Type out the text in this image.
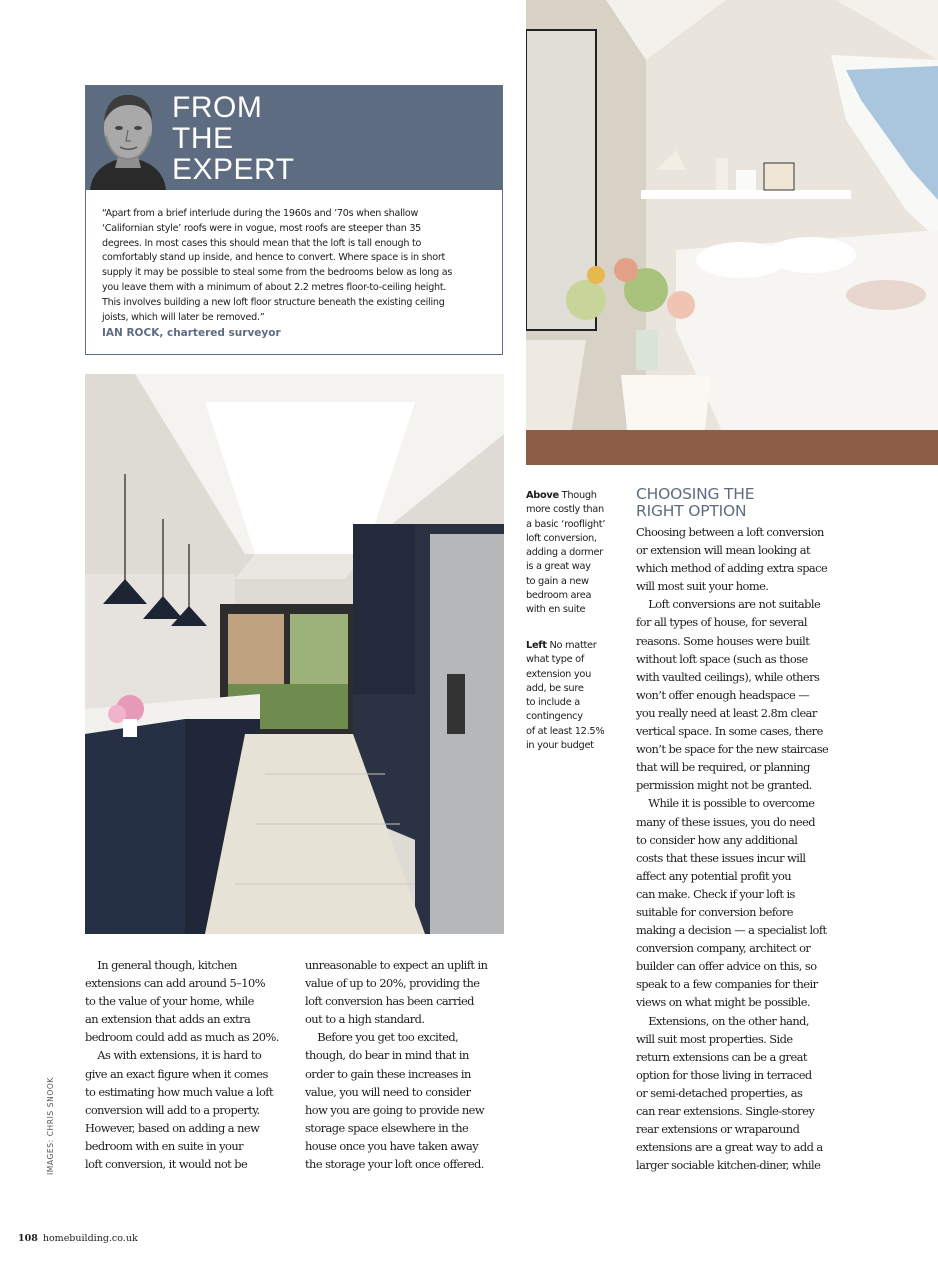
FROM
THE
EXPERT
“Apart from a brief interlude during the 1960s and ’70s when shallow
‘Californian style’ roofs were in vogue, most roofs are steeper than 35
degrees. In most cases this should mean that the loft is tall enough to
comfortably stand up inside, and hence to convert. Where space is in short
supply it may be possible to steal some from the bedrooms below as long as
you leave them with a minimum of about 2.2 metres floor-to-ceiling height.
This involves building a new loft floor structure beneath the existing ceiling
joists, which will later be removed.”
IAN ROCK, chartered surveyor
Above Though
more costly than
a basic ‘rooflight’
loft conversion,
adding a dormer
is a great way
to gain a new
bedroom area
with en suite
Left No matter
what type of
extension you
add, be sure
to include a
contingency
of at least 12.5%
in your budget
CHOOSING THE
RIGHT OPTION
In general though, kitchen
extensions can add around 5–10%
to the value of your home, while
an extension that adds an extra
bedroom could add as much as 20%.
As with extensions, it is hard to
give an exact figure when it comes
to estimating how much value a loft
conversion will add to a property.
However, based on adding a new
bedroom with en suite in your
loft conversion, it would not be
unreasonable to expect an uplift in
value of up to 20%, providing the
loft conversion has been carried
out to a high standard.
Before you get too excited,
though, do bear in mind that in
order to gain these increases in
value, you will need to consider
how you are going to provide new
storage space elsewhere in the
house once you have taken away
the storage your loft once offered.
Choosing between a loft conversion
or extension will mean looking at
which method of adding extra space
will most suit your home.
Loft conversions are not suitable
for all types of house, for several
reasons. Some houses were built
without loft space (such as those
with vaulted ceilings), while others
won’t offer enough headspace —
you really need at least 2.8m clear
vertical space. In some cases, there
won’t be space for the new staircase
that will be required, or planning
permission might not be granted.
While it is possible to overcome
many of these issues, you do need
to consider how any additional
costs that these issues incur will
affect any potential profit you
can make. Check if your loft is
suitable for conversion before
making a decision — a specialist loft
conversion company, architect or
builder can offer advice on this, so
speak to a few companies for their
views on what might be possible.
Extensions, on the other hand,
will suit most properties. Side
return extensions can be a great
option for those living in terraced
or semi-detached properties, as
can rear extensions. Single-storey
rear extensions or wraparound
extensions are a great way to add a
larger sociable kitchen-diner, while
IMAGES: CHRIS SNOOK
108 homebuilding.co.uk
